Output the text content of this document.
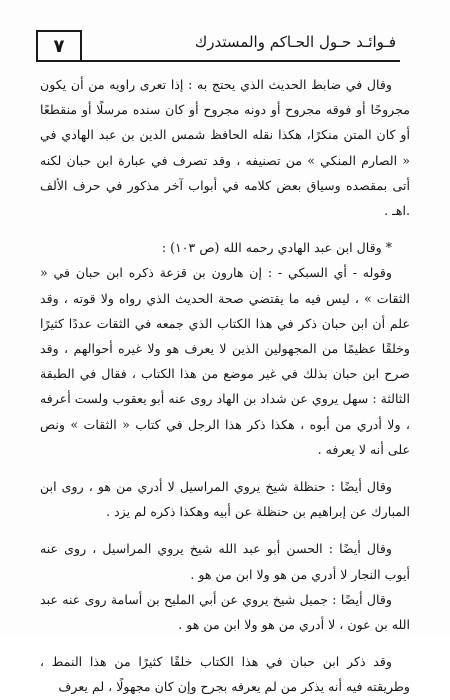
فـوائـد حـول الحـاكم والمستدرك
٧

وقال في ضابط الحديث الذي يحتج به : إذا تعرى راويه من أن يكون مجروحًا أو فوقه مجروح أو دونه مجروح أو كان سنده مرسلًا أو منقطعًا أو كان المتن منكرًا، هكذا نقله الحافظ شمس الدين بن عبد الهادي في « الصارم المنكي » من تصنيفه ، وقد تصرف في عبارة ابن حبان لكنه أتى بمقصده وسياق بعض كلامه في أبواب آخر مذكور في حرف الألف .اهـ .

* وقال ابن عبد الهادي رحمه الله (ص ١٠٣) :

وقوله - أي السبكي - : إن هارون بن قزعة ذكره ابن حبان في « الثقات » ، ليس فيه ما يقتضي صحة الحديث الذي رواه ولا قوته ، وقد علم أن ابن حبان ذكر في هذا الكتاب الذي جمعه في الثقات عددًا كثيرًا وخلقًا عظيمًا من المجهولين الذين لا يعرف هو ولا غيره أحوالهم ، وقد صرح ابن حبان بذلك في غير موضع من هذا الكتاب ، فقال في الطبقة الثالثة : سهل يروي عن شداد بن الهاد روى عنه أبو يعقوب ولست أعرفه ، ولا أدري من أبوه ، هكذا ذكر هذا الرجل في كتاب « الثقات » ونص على أنه لا يعرفه .

وقال أيضًا : حنظلة شيخ يروي المراسيل لا أدري من هو ، روى ابن المبارك عن إبراهيم بن حنظلة عن أبيه وهكذا ذكره لم يزد .

وقال أيضًا : الحسن أبو عبد الله شيخ يروي المراسيل ، روى عنه أيوب النجار لا أدري من هو ولا ابن من هو .

وقال أيضًا : جميل شيخ يروي عن أبي المليح بن أسامة روى عنه عبد الله بن عون ، لا أدري من هو ولا ابن من هو .

وقد ذكر ابن حبان في هذا الكتاب خلقًا كثيرًا من هذا النمط ، وطريقته فيه أنه يذكر من لم يعرفه بجرح وإن كان مجهولًا ، لم يعرف
